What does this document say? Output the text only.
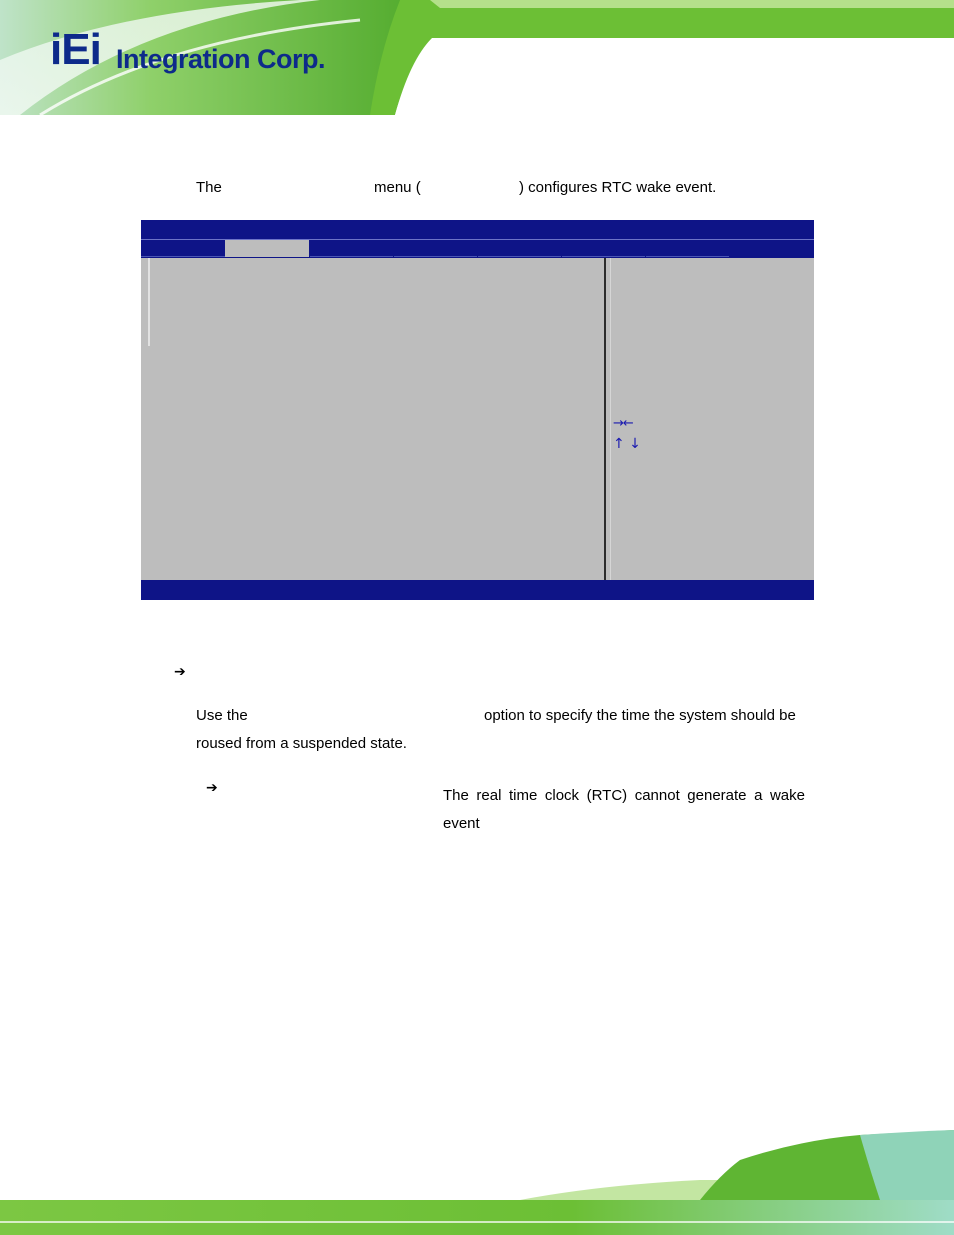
iEi Integration Corp.
The	menu (	) configures RTC wake event.
→←
↑ ↓
➔
Use the	option to specify the time the system should be
roused from a suspended state.
➔	The real time clock (RTC) cannot generate a wake event
